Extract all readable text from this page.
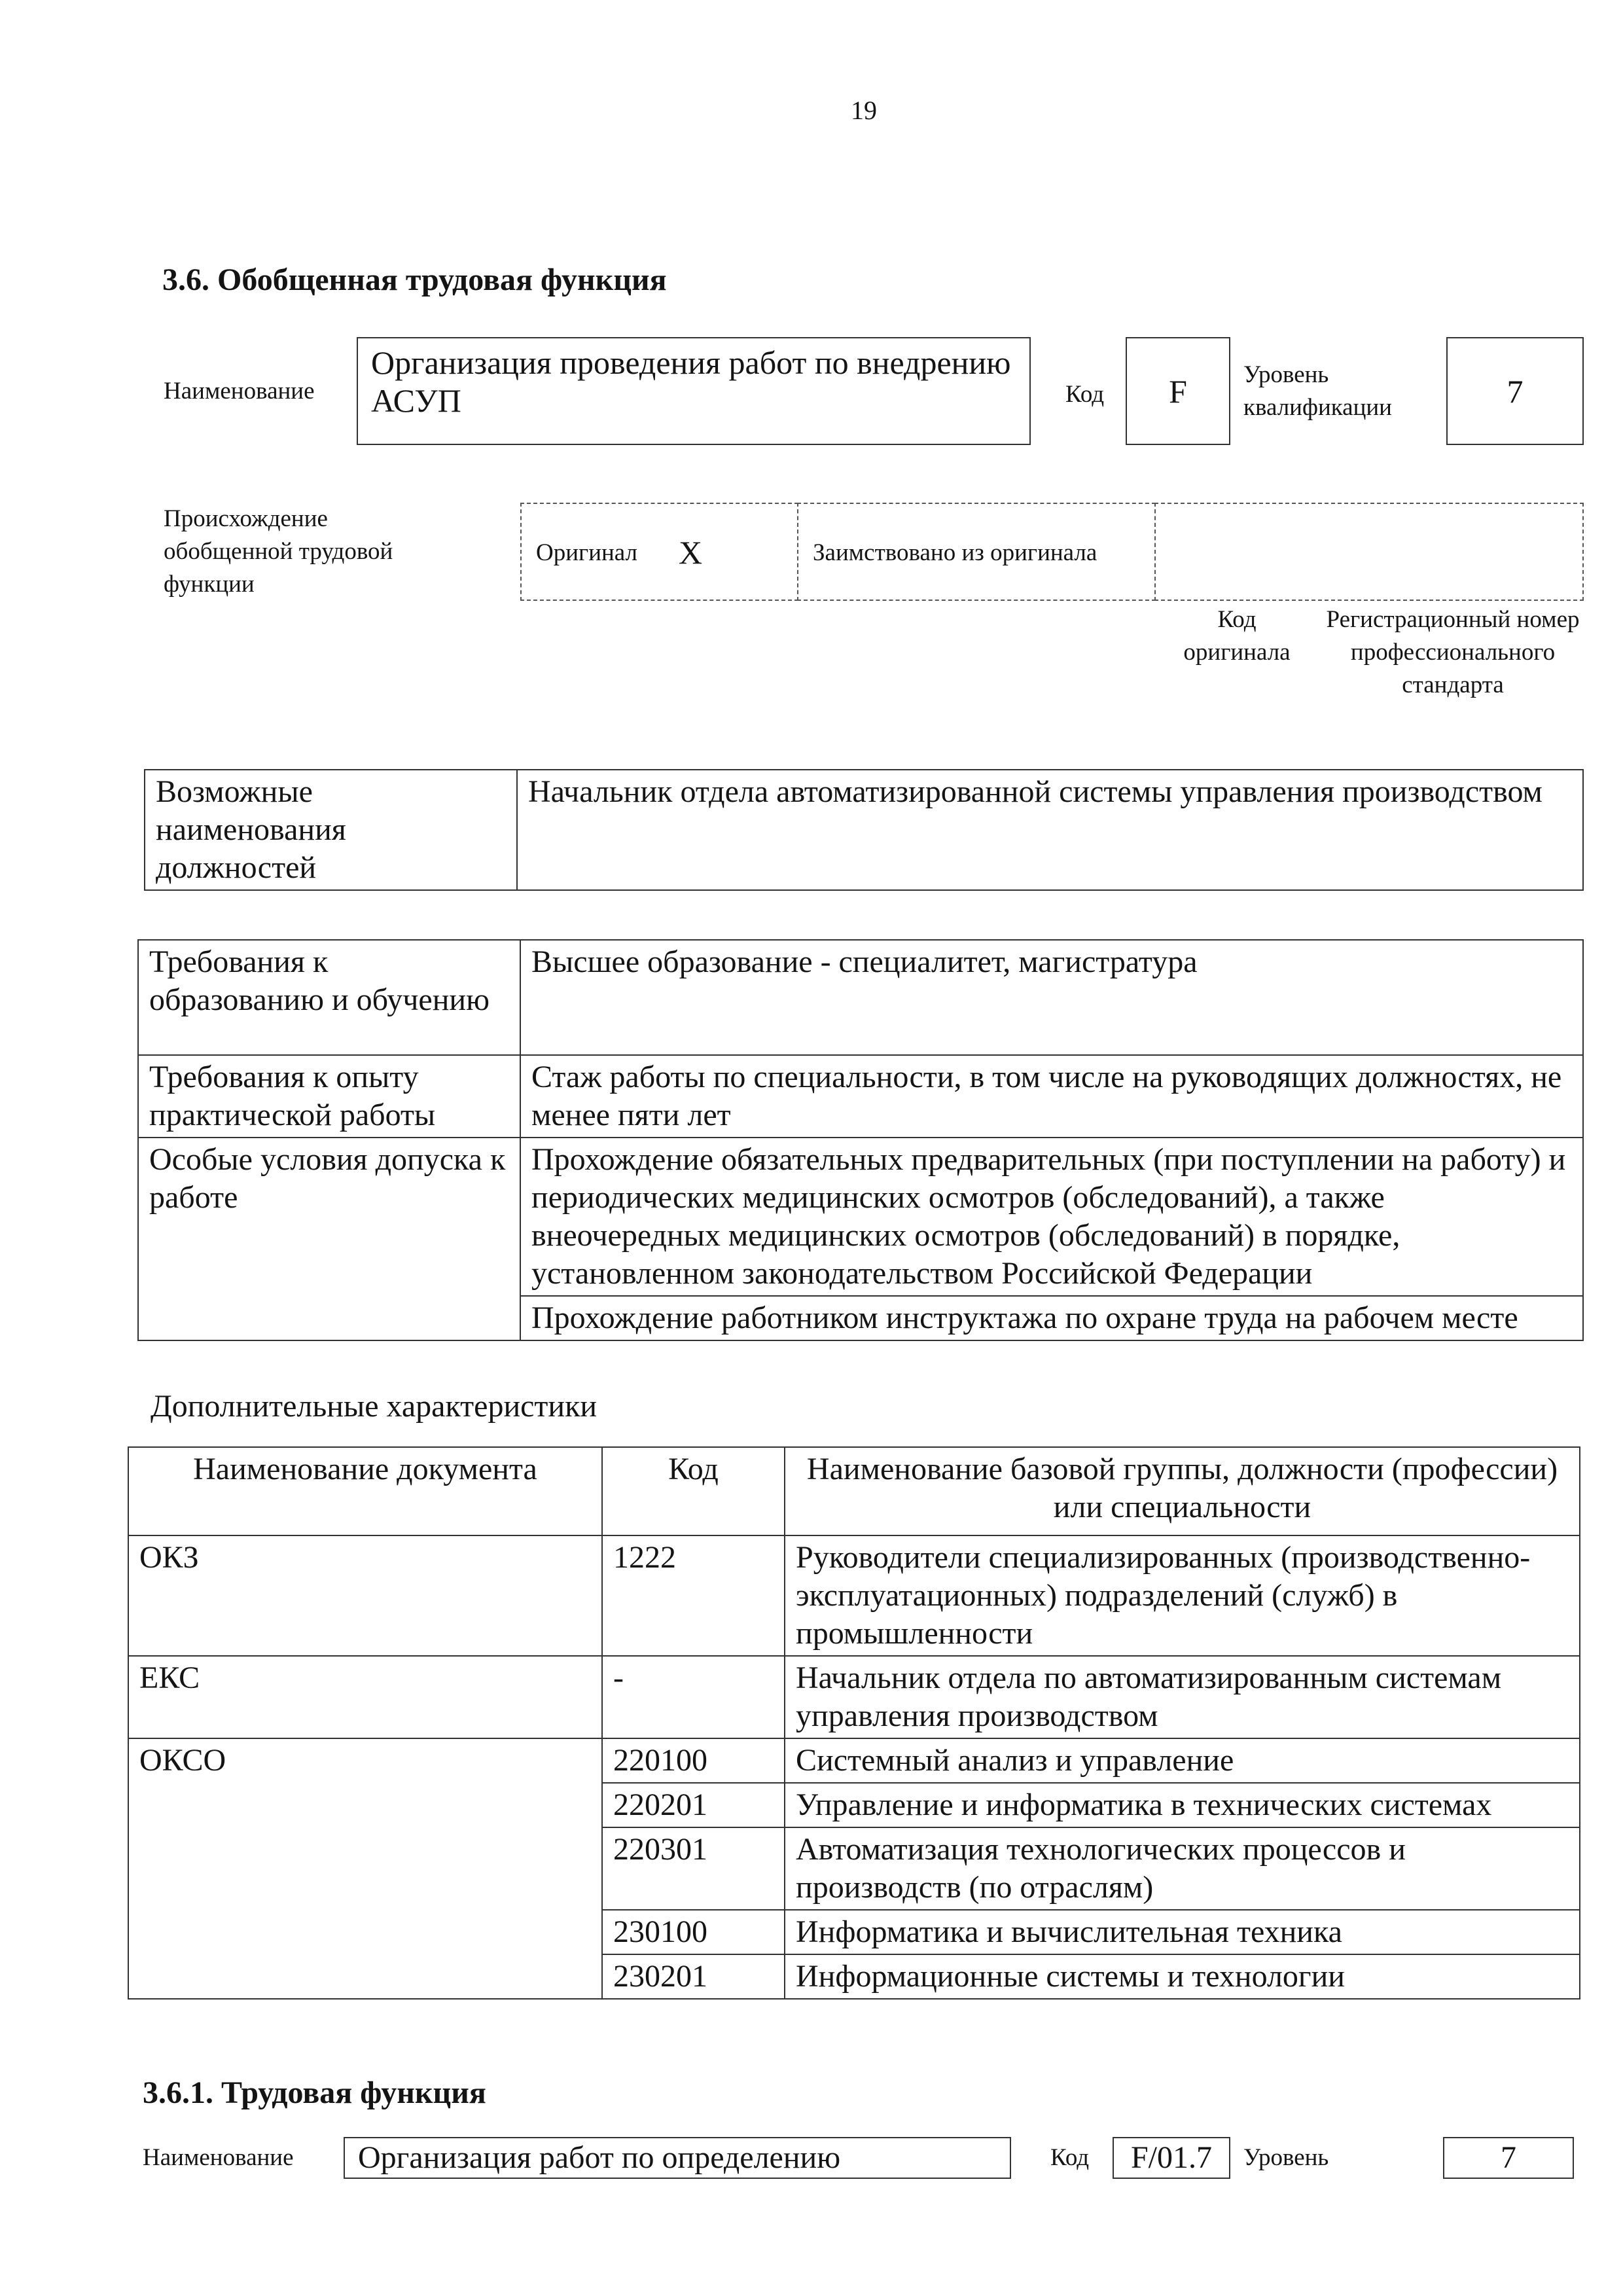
19
3.6. Обобщенная трудовая функция
Наименование
Организация проведения работ по внедрению АСУП	Код	F	Уровень квалификации	7
Происхождение обобщенной трудовой функции
Оригинал X	Заимствовано из оригинала
Код оригинала
Регистрационный номер профессионального стандарта
Возможные наименования должностей	Начальник отдела автоматизированной системы управления производством
Требования к образованию и обучению	Высшее образование - специалитет, магистратура
Требования к опыту практической работы	Стаж работы по специальности, в том числе на руководящих должностях, не менее пяти лет
Особые условия допуска к работе	Прохождение обязательных предварительных (при поступлении на работу) и периодических медицинских осмотров (обследований), а также внеочередных медицинских осмотров (обследований) в порядке, установленном законодательством Российской Федерации
	Прохождение работником инструктажа по охране труда на рабочем месте
Дополнительные характеристики
Наименование документа	Код	Наименование базовой группы, должности (профессии) или специальности
ОКЗ	1222	Руководители специализированных (производственно-эксплуатационных) подразделений (служб) в промышленности
ЕКС	-	Начальник отдела по автоматизированным системам управления производством
ОКСО	220100	Системный анализ и управление
	220201	Управление и информатика в технических системах
	220301	Автоматизация технологических процессов и производств (по отраслям)
	230100	Информатика и вычислительная техника
	230201	Информационные системы и технологии
3.6.1. Трудовая функция
Наименование Организация работ по определению	Код	F/01.7	Уровень	7
